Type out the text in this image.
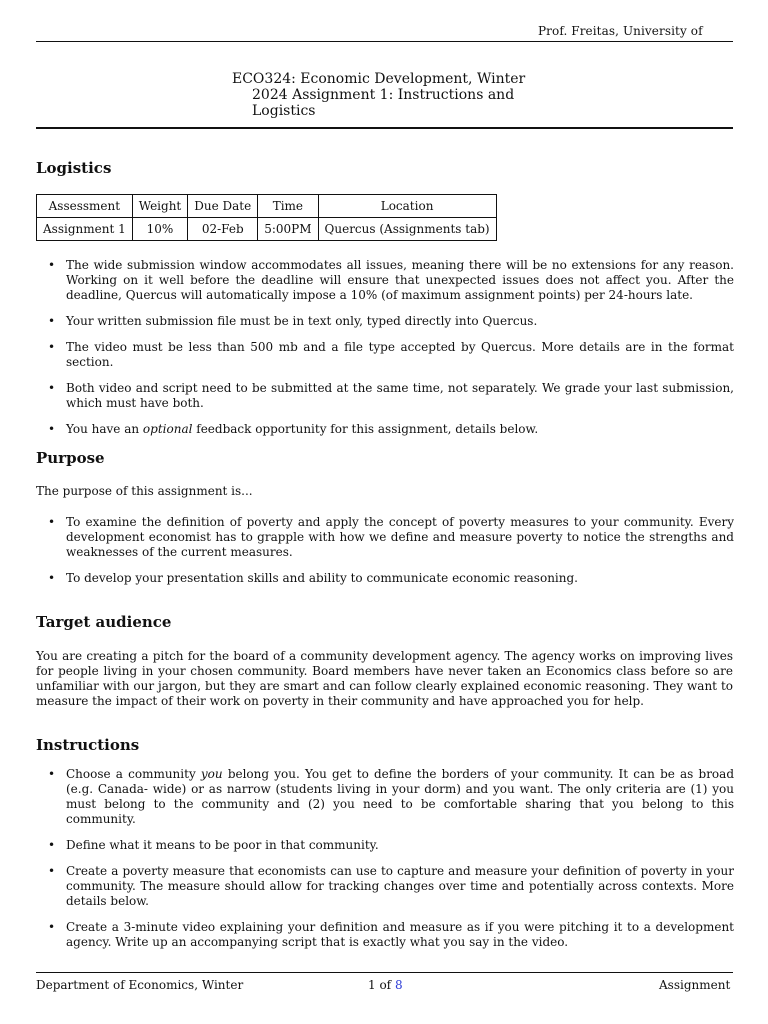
Prof. Freitas, University of
ECO324: Economic Development, Winter
2024 Assignment 1: Instructions and
Logistics
Logistics
Assessment	Weight	Due Date	Time	Location
Assignment 1	10%	02-Feb	5:00PM	Quercus (Assignments tab)
• The wide submission window accommodates all issues, meaning there will be no extensions for any reason. Working on it well before the deadline will ensure that unexpected issues does not affect you. After the deadline, Quercus will automatically impose a 10% (of maximum assignment points) per 24-hours late.
• Your written submission file must be in text only, typed directly into Quercus.
• The video must be less than 500 mb and a file type accepted by Quercus. More details are in the format section.
• Both video and script need to be submitted at the same time, not separately. We grade your last submission, which must have both.
• You have an optional feedback opportunity for this assignment, details below.
Purpose

The purpose of this assignment is...

• To examine the definition of poverty and apply the concept of poverty measures to your community. Every development economist has to grapple with how we define and measure poverty to notice the strengths and weaknesses of the current measures.
• To develop your presentation skills and ability to communicate economic reasoning.
Target audience

You are creating a pitch for the board of a community development agency. The agency works on improving lives for people living in your chosen community. Board members have never taken an Economics class before so are unfamiliar with our jargon, but they are smart and can follow clearly explained economic reasoning. They want to measure the impact of their work on poverty in their community and have approached you for help.

Instructions
• Choose a community you belong you. You get to define the borders of your community. It can be as broad (e.g. Canada- wide) or as narrow (students living in your dorm) and you want. The only criteria are (1) you must belong to the community and (2) you need to be comfortable sharing that you belong to this community.
• Define what it means to be poor in that community.
• Create a poverty measure that economists can use to capture and measure your definition of poverty in your community. The measure should allow for tracking changes over time and potentially across contexts. More details below.
• Create a 3-minute video explaining your definition and measure as if you were pitching it to a development agency. Write up an accompanying script that is exactly what you say in the video.
Department of Economics, Winter	1 of 8	Assignment
